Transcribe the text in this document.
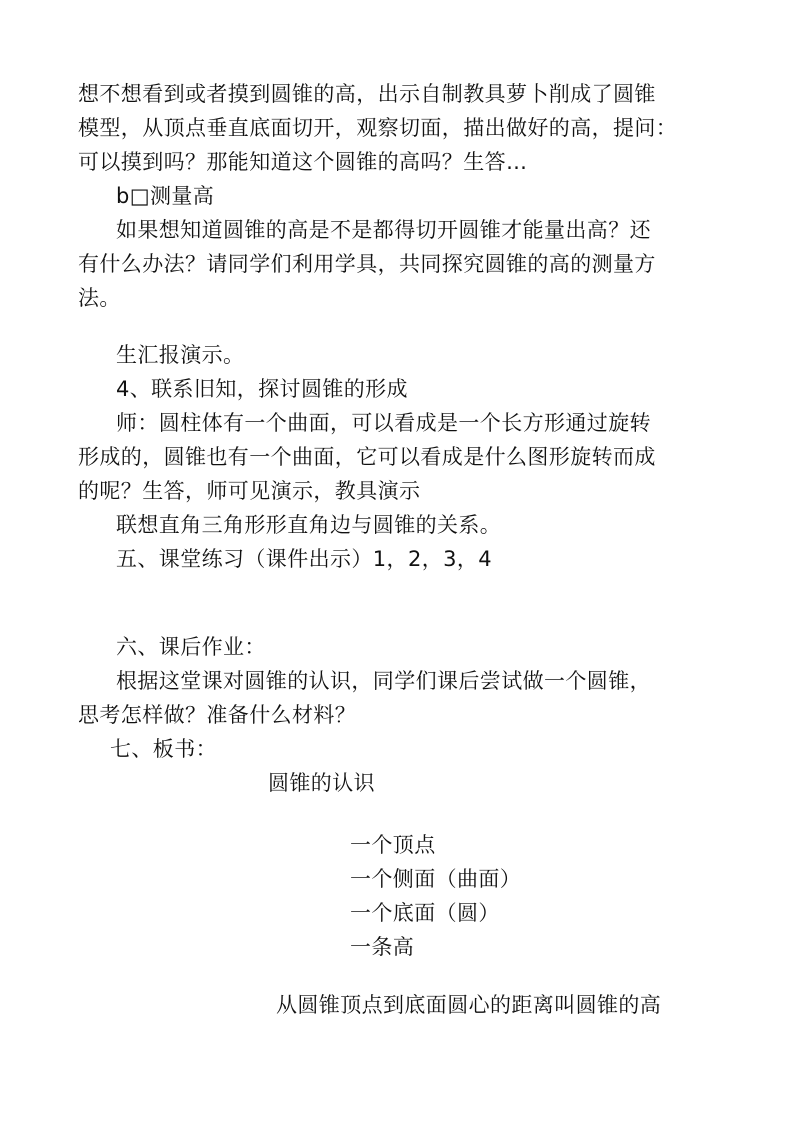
想不想看到或者摸到圆锥的高，出示自制教具萝卜削成了圆锥
模型，从顶点垂直底面切开，观察切面，描出做好的高，提问：
可以摸到吗？那能知道这个圆锥的高吗？生答…
b□测量高
如果想知道圆锥的高是不是都得切开圆锥才能量出高？还
有什么办法？请同学们利用学具，共同探究圆锥的高的测量方
法。
生汇报演示。
4、联系旧知，探讨圆锥的形成
师：圆柱体有一个曲面，可以看成是一个长方形通过旋转
形成的，圆锥也有一个曲面，它可以看成是什么图形旋转而成
的呢？生答，师可见演示，教具演示
联想直角三角形形直角边与圆锥的关系。
五、课堂练习（课件出示）1，2，3，4
六、课后作业：
根据这堂课对圆锥的认识，同学们课后尝试做一个圆锥，
思考怎样做？准备什么材料？
七、板书：
圆锥的认识
一个顶点
一个侧面（曲面）
一个底面（圆）
一条高
从圆锥顶点到底面圆心的距离叫圆锥的高
